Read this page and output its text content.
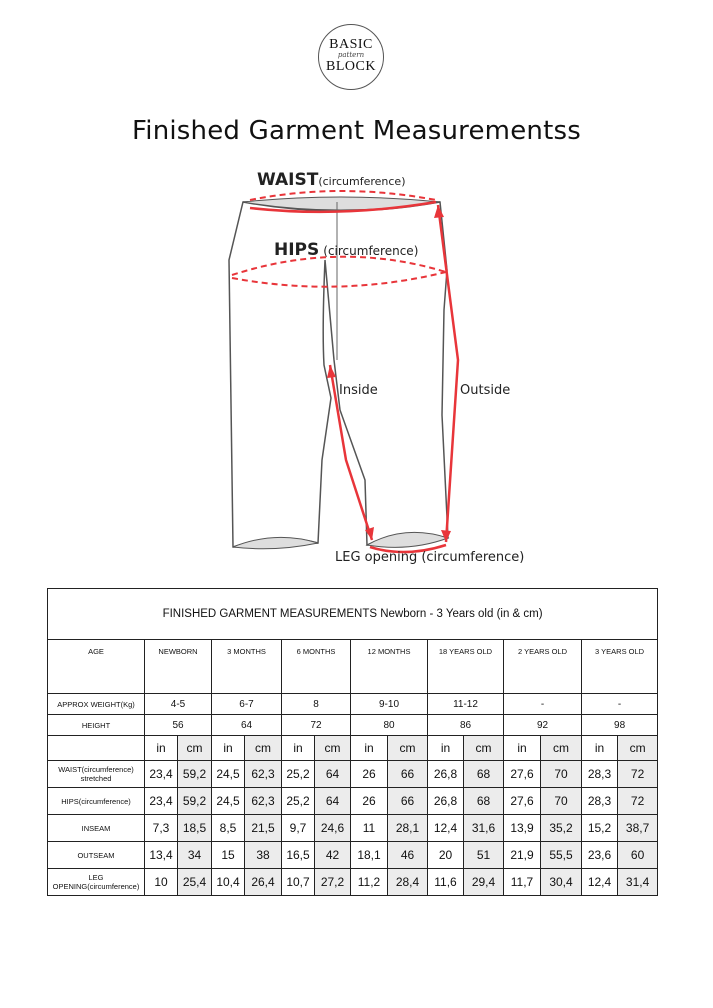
BASIC
pattern
BLOCK
Finished Garment Measurementss
WAIST(circumference)
HIPS (circumference)
Inside	Outside
LEG opening (circumference)
FINISHED GARMENT MEASUREMENTS Newborn - 3 Years old (in & cm)														
AGE	NEWBORN		3 MONTHS		6 MONTHS		12 MONTHS		18 YEARS OLD		2 YEARS OLD		3 YEARS OLD	
APPROX WEIGHT(Kg)	4-5		6-7		8		9-10		11-12		-		-	
HEIGHT	56		64		72		80		86		92		98	
	in	cm	in	cm	in	cm	in	cm	in	cm	in	cm	in	cm
WAIST(circumference) stretched	23,4	59,2	24,5	62,3	25,2	64	26	66	26,8	68	27,6	70	28,3	72
HIPS(circumference)	23,4	59,2	24,5	62,3	25,2	64	26	66	26,8	68	27,6	70	28,3	72
INSEAM	7,3	18,5	8,5	21,5	9,7	24,6	11	28,1	12,4	31,6	13,9	35,2	15,2	38,7
OUTSEAM	13,4	34	15	38	16,5	42	18,1	46	20	51	21,9	55,5	23,6	60
LEG OPENING(circumference)	10	25,4	10,4	26,4	10,7	27,2	11,2	28,4	11,6	29,4	11,7	30,4	12,4	31,4
